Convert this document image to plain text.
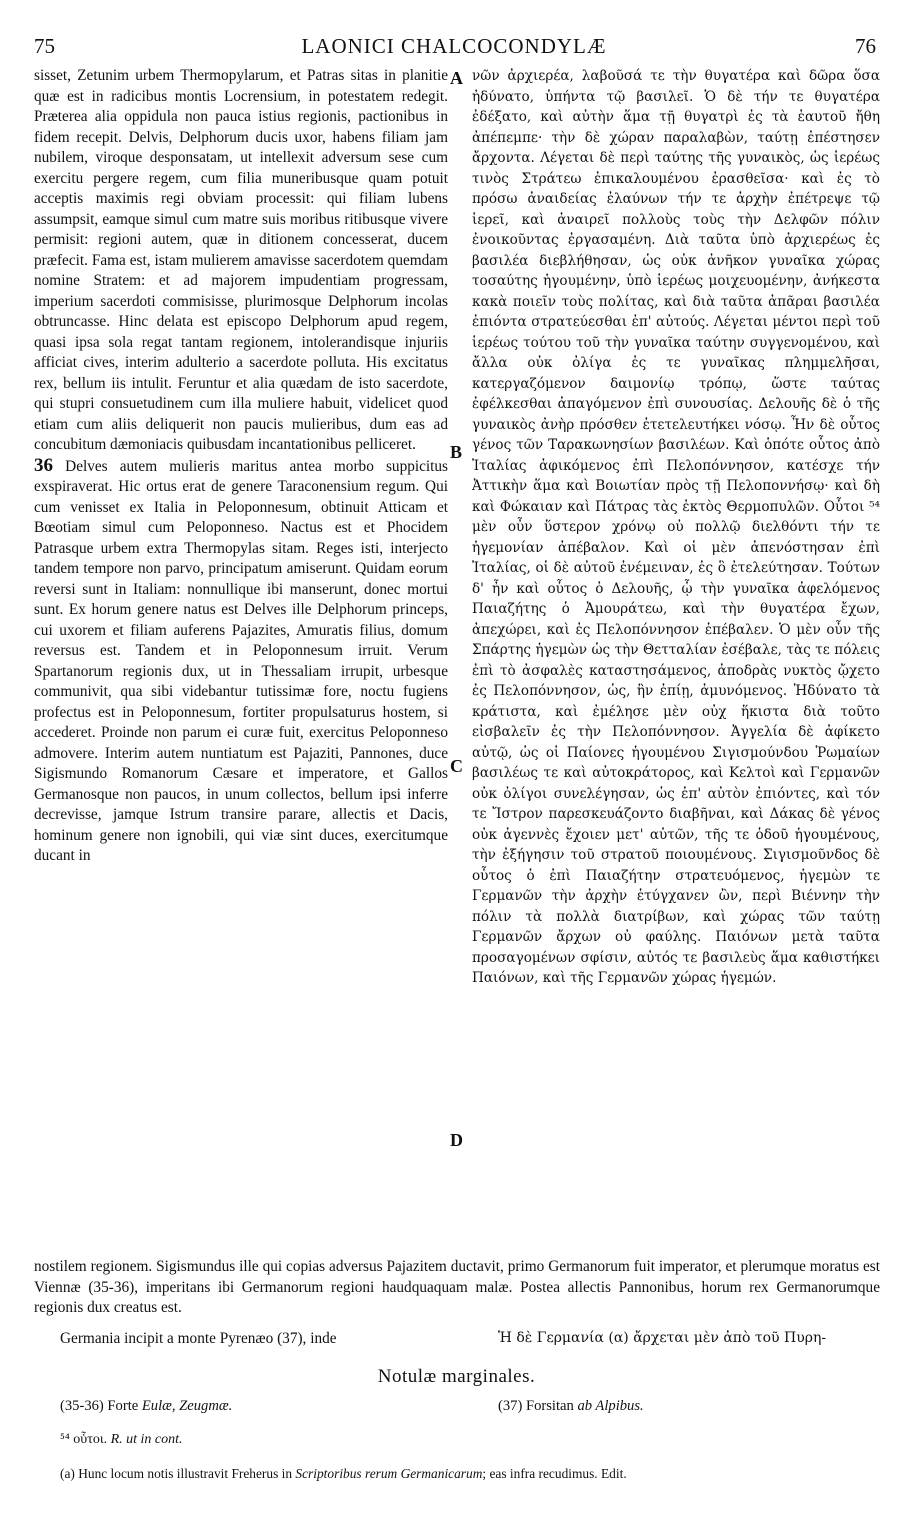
75	LAONICI CHALCOCONDYLÆ	76

sisset, Zetunim urbem Thermopylarum, et Patras sitas in planitie quæ est in radicibus montis Locrensium, in potestatem redegit. Præterea alia oppidula non pauca istius regionis, pactionibus in fidem recepit. Delvis, Delphorum ducis uxor, habens filiam jam nubilem, viroque desponsatam, ut intellexit adversum sese cum exercitu pergere regem, cum filia muneribusque quam potuit acceptis maximis regi obviam processit: qui filiam lubens assumpsit, eamque simul cum matre suis moribus ritibusque vivere permisit: regioni autem, quæ in ditionem concesserat, ducem præfecit. Fama est, istam mulierem amavisse sacerdotem quemdam nomine Stratem: et ad majorem impudentiam progressam, imperium sacerdoti commisisse, plurimosque Delphorum incolas obtruncasse. Hinc delata est episcopo Delphorum apud regem, quasi ipsa sola regat tantam regionem, intolerandisque injuriis afficiat cives, interim adulterio a sacerdote polluta. His excitatus rex, bellum iis intulit. Feruntur et alia quædam de isto sacerdote, qui stupri consuetudinem cum illa muliere habuit, videlicet quod etiam cum aliis deliquerit non paucis mulieribus, dum eas ad concubitum dæmoniacis quibusdam incantationibus pelliceret.

36 Delves autem mulieris maritus antea morbo suppicitus exspiraverat. Hic ortus erat de genere Taraconensium regum. Qui cum venisset ex Italia in Peloponnesum, obtinuit Atticam et Bœotiam simul cum Peloponneso. Nactus est et Phocidem Patrasque urbem extra Thermopylas sitam. Reges isti, interjecto tandem tempore non parvo, principatum amiserunt. Quidam eorum reversi sunt in Italiam: nonnullique ibi manserunt, donec mortui sunt. Ex horum genere natus est Delves ille Delphorum princeps, cui uxorem et filiam auferens Pajazites, Amuratis filius, domum reversus est. Tandem et in Peloponnesum irruit. Verum Spartanorum regionis dux, ut in Thessaliam irrupit, urbesque communivit, qua sibi videbantur tutissimæ fore, noctu fugiens profectus est in Peloponnesum, fortiter propulsaturus hostem, si accederet. Proinde non parum ei curæ fuit, exercitus Peloponneso admovere. Interim autem nuntiatum est Pajaziti, Pannones, duce Sigismundo Romanorum Cæsare et imperatore, et Gallos Germanosque non paucos, in unum collectos, bellum ipsi inferre decrevisse, jamque Istrum transire parare, allectis et Dacis, hominum genere non ignobili, qui viæ sint duces, exercitumque ducant in

A
B
C
D

νῶν ἀρχιερέα, λαβοῦσά τε τὴν θυγατέρα καὶ δῶρα ὅσα ἠδύνατο, ὑπήντα τῷ βασιλεῖ. Ὁ δὲ τήν τε θυγατέρα ἐδέξατο, καὶ αὐτὴν ἅμα τῇ θυγατρὶ ἐς τὰ ἑαυτοῦ ἤθη ἀπέπεμπε· τὴν δὲ χώραν παραλαβὼν, ταύτῃ ἐπέστησεν ἄρχοντα. Λέγεται δὲ περὶ ταύτης τῆς γυναικὸς, ὡς ἱερέως τινὸς Στράτεω ἐπικαλουμένου ἐρασθεῖσα· καὶ ἐς τὸ πρόσω ἀναιδείας ἐλαύνων τήν τε ἀρχὴν ἐπέτρεψε τῷ ἱερεῖ, καὶ ἀναιρεῖ πολλοὺς τοὺς τὴν Δελφῶν πόλιν ἐνοικοῦντας ἐργασαμένη. Διὰ ταῦτα ὑπὸ ἀρχιερέως ἐς βασιλέα διεβλήθησαν, ὡς οὐκ ἀνῆκον γυναῖκα χώρας τοσαύτης ἡγουμένην, ὑπὸ ἱερέως μοιχευομένην, ἀνήκεστα κακὰ ποιεῖν τοὺς πολίτας, καὶ διὰ ταῦτα ἀπᾶραι βασιλέα ἐπιόντα στρατεύεσθαι ἐπ' αὐτούς. Λέγεται μέντοι περὶ τοῦ ἱερέως τούτου τοῦ τὴν γυναῖκα ταύτην συγγενομένου, καὶ ἄλλα οὐκ ὀλίγα ἐς τε γυναῖκας πλημμελῆσαι, κατεργαζόμενον δαιμονίῳ τρόπῳ, ὥστε ταύτας ἐφέλκεσθαι ἀπαγόμενον ἐπὶ συνουσίας. Δελουῆς δὲ ὁ τῆς γυναικὸς ἀνὴρ πρόσθεν ἐτετελευτήκει νόσῳ. Ἦν δὲ οὗτος γένος τῶν Ταρακωνησίων βασιλέων. Καὶ ὁπότε οὗτος ἀπὸ Ἰταλίας ἀφικόμενος ἐπὶ Πελοπόννησον, κατέσχε τήν Ἀττικὴν ἅμα καὶ Βοιωτίαν πρὸς τῇ Πελοποννήσῳ· καὶ δὴ καὶ Φώκαιαν καὶ Πάτρας τὰς ἐκτὸς Θερμοπυλῶν. Οὗτοι ⁵⁴ μὲν οὖν ὕστερον χρόνῳ οὐ πολλῷ διελθόντι τήν τε ἡγεμονίαν ἀπέβαλον. Καὶ οἱ μὲν ἀπενόστησαν ἐπὶ Ἰταλίας, οἱ δὲ αὐτοῦ ἐνέμειναν, ἐς ὃ ἐτελεύτησαν. Τούτων δ' ἦν καὶ οὗτος ὁ Δελουῆς, ᾧ τὴν γυναῖκα ἀφελόμενος Παιαζήτης ὁ Ἀμουράτεω, καὶ τὴν θυγατέρα ἔχων, ἀπεχώρει, καὶ ἐς Πελοπόννησον ἐπέβαλεν. Ὁ μὲν οὖν τῆς Σπάρτης ἡγεμὼν ὡς τὴν Θετταλίαν ἐσέβαλε, τὰς τε πόλεις ἐπὶ τὸ ἀσφαλὲς καταστησάμενος, ἀποδρὰς νυκτὸς ᾤχετο ἐς Πελοπόννησον, ὡς, ἣν ἐπίῃ, ἀμυνόμενος. Ἠδύνατο τὰ κράτιστα, καὶ ἐμέλησε μὲν οὐχ ἥκιστα διὰ τοῦτο εἰσβαλεῖν ἐς τὴν Πελοπόννησον. Ἀγγελία δὲ ἀφίκετο αὐτῷ, ὡς οἱ Παίονες ἡγουμένου Σιγισμούνδου Ῥωμαίων βασιλέως τε καὶ αὐτοκράτορος, καὶ Κελτοὶ καὶ Γερμανῶν οὐκ ὀλίγοι συνελέγησαν, ὡς ἐπ' αὐτὸν ἐπιόντες, καὶ τόν τε Ἴστρον παρεσκευάζοντο διαβῆναι, καὶ Δάκας δὲ γένος οὐκ ἀγεννὲς ἔχοιεν μετ' αὐτῶν, τῆς τε ὁδοῦ ἡγουμένους, τὴν ἐξήγησιν τοῦ στρατοῦ ποιουμένους. Σιγισμοῦνδος δὲ οὗτος ὁ ἐπὶ Παιαζήτην στρατευόμενος, ἡγεμὼν τε Γερμανῶν τὴν ἀρχὴν ἐτύγχανεν ὢν, περὶ Βιέννην τὴν πόλιν τὰ πολλὰ διατρίβων, καὶ χώρας τῶν ταύτῃ Γερμανῶν ἄρχων οὐ φαύλης. Παιόνων μετὰ ταῦτα προσαγομένων σφίσιν, αὐτός τε βασιλεὺς ἅμα καθιστήκει Παιόνων, καὶ τῆς Γερμανῶν χώρας ἡγεμών.

nostilem regionem. Sigismundus ille qui copias adversus Pajazitem ductavit, primo Germanorum fuit imperator, et plerumque moratus est Viennæ (35-36), imperitans ibi Germanorum regioni haudquaquam malæ. Postea allectis Pannonibus, horum rex Germanorumque regionis dux creatus est.

Germania incipit a monte Pyrenæo (37), inde	Ἡ δὲ Γερμανία (α) ἄρχεται μὲν ἀπὸ τοῦ Πυρη-
Notulæ marginales.
(35-36) Forte Eulæ, Zeugmæ.	(37) Forsitan ab Alpibus.
⁵⁴ οὗτοι. R. ut in cont.
(a) Hunc locum notis illustravit Freherus in Scriptoribus rerum Germanicarum; eas infra recudimus. Edit.
